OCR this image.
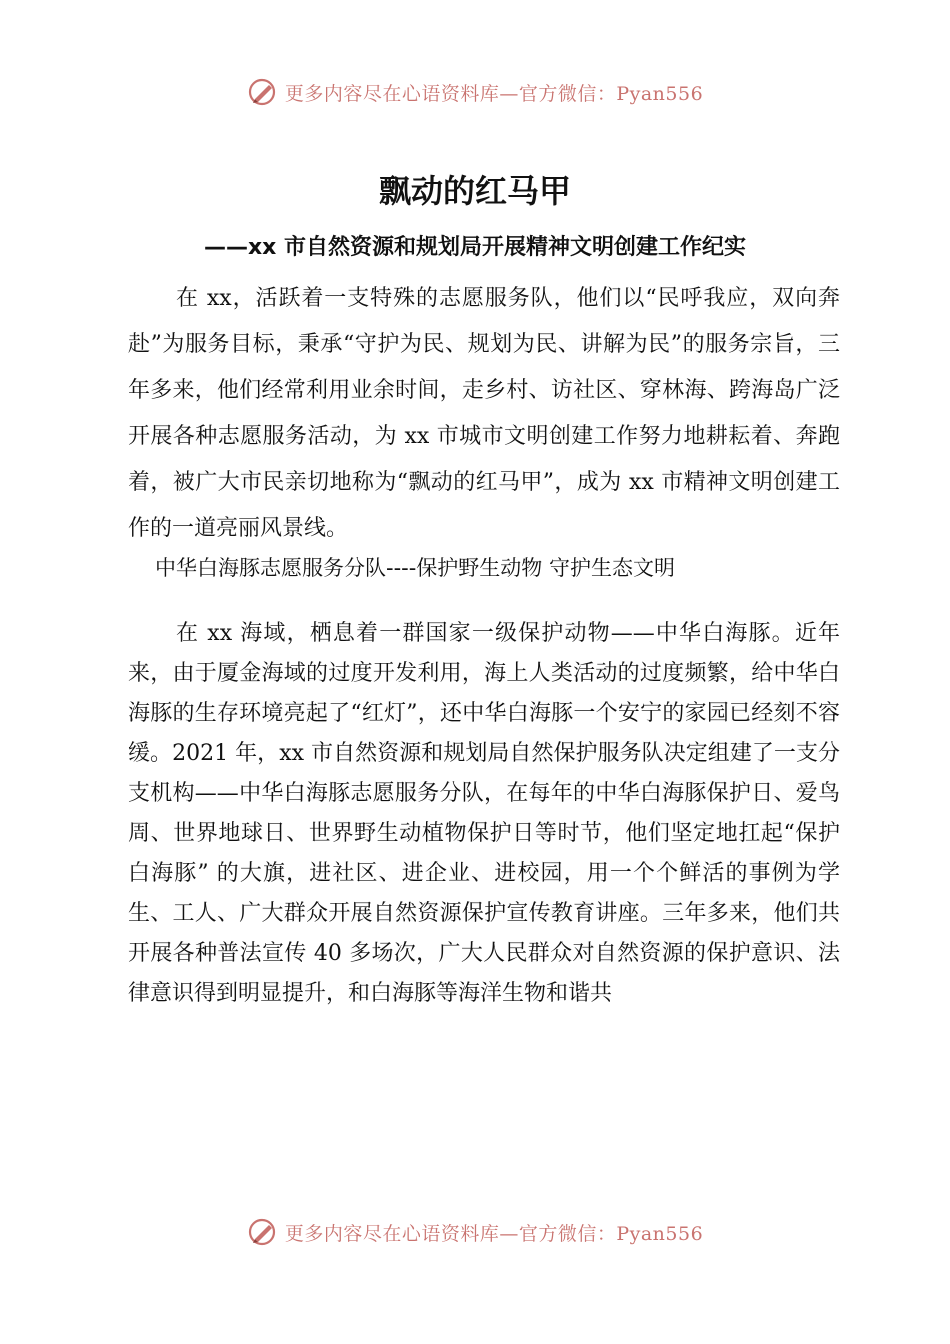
更多内容尽在心语资料库—官方微信：Pyan556
飘动的红马甲
——xx 市自然资源和规划局开展精神文明创建工作纪实

在 xx，活跃着一支特殊的志愿服务队，他们以“民呼我应，双向奔赴”为服务目标，秉承“守护为民、规划为民、讲解为民”的服务宗旨，三年多来，他们经常利用业余时间，走乡村、访社区、穿林海、跨海岛广泛开展各种志愿服务活动，为 xx 市城市文明创建工作努力地耕耘着、奔跑着，被广大市民亲切地称为“飘动的红马甲”，成为 xx 市精神文明创建工作的一道亮丽风景线。

中华白海豚志愿服务分队----保护野生动物 守护生态文明

在 xx 海域，栖息着一群国家一级保护动物——中华白海豚。近年来，由于厦金海域的过度开发利用，海上人类活动的过度频繁，给中华白海豚的生存环境亮起了“红灯”，还中华白海豚一个安宁的家园已经刻不容缓。2021 年，xx 市自然资源和规划局自然保护服务队决定组建了一支分支机构——中华白海豚志愿服务分队，在每年的中华白海豚保护日、爱鸟周、世界地球日、世界野生动植物保护日等时节，他们坚定地扛起“保护白海豚” 的大旗，进社区、进企业、进校园，用一个个鲜活的事例为学生、工人、广大群众开展自然资源保护宣传教育讲座。三年多来，他们共开展各种普法宣传 40 多场次，广大人民群众对自然资源的保护意识、法律意识得到明显提升，和白海豚等海洋生物和谐共

更多内容尽在心语资料库—官方微信：Pyan556
